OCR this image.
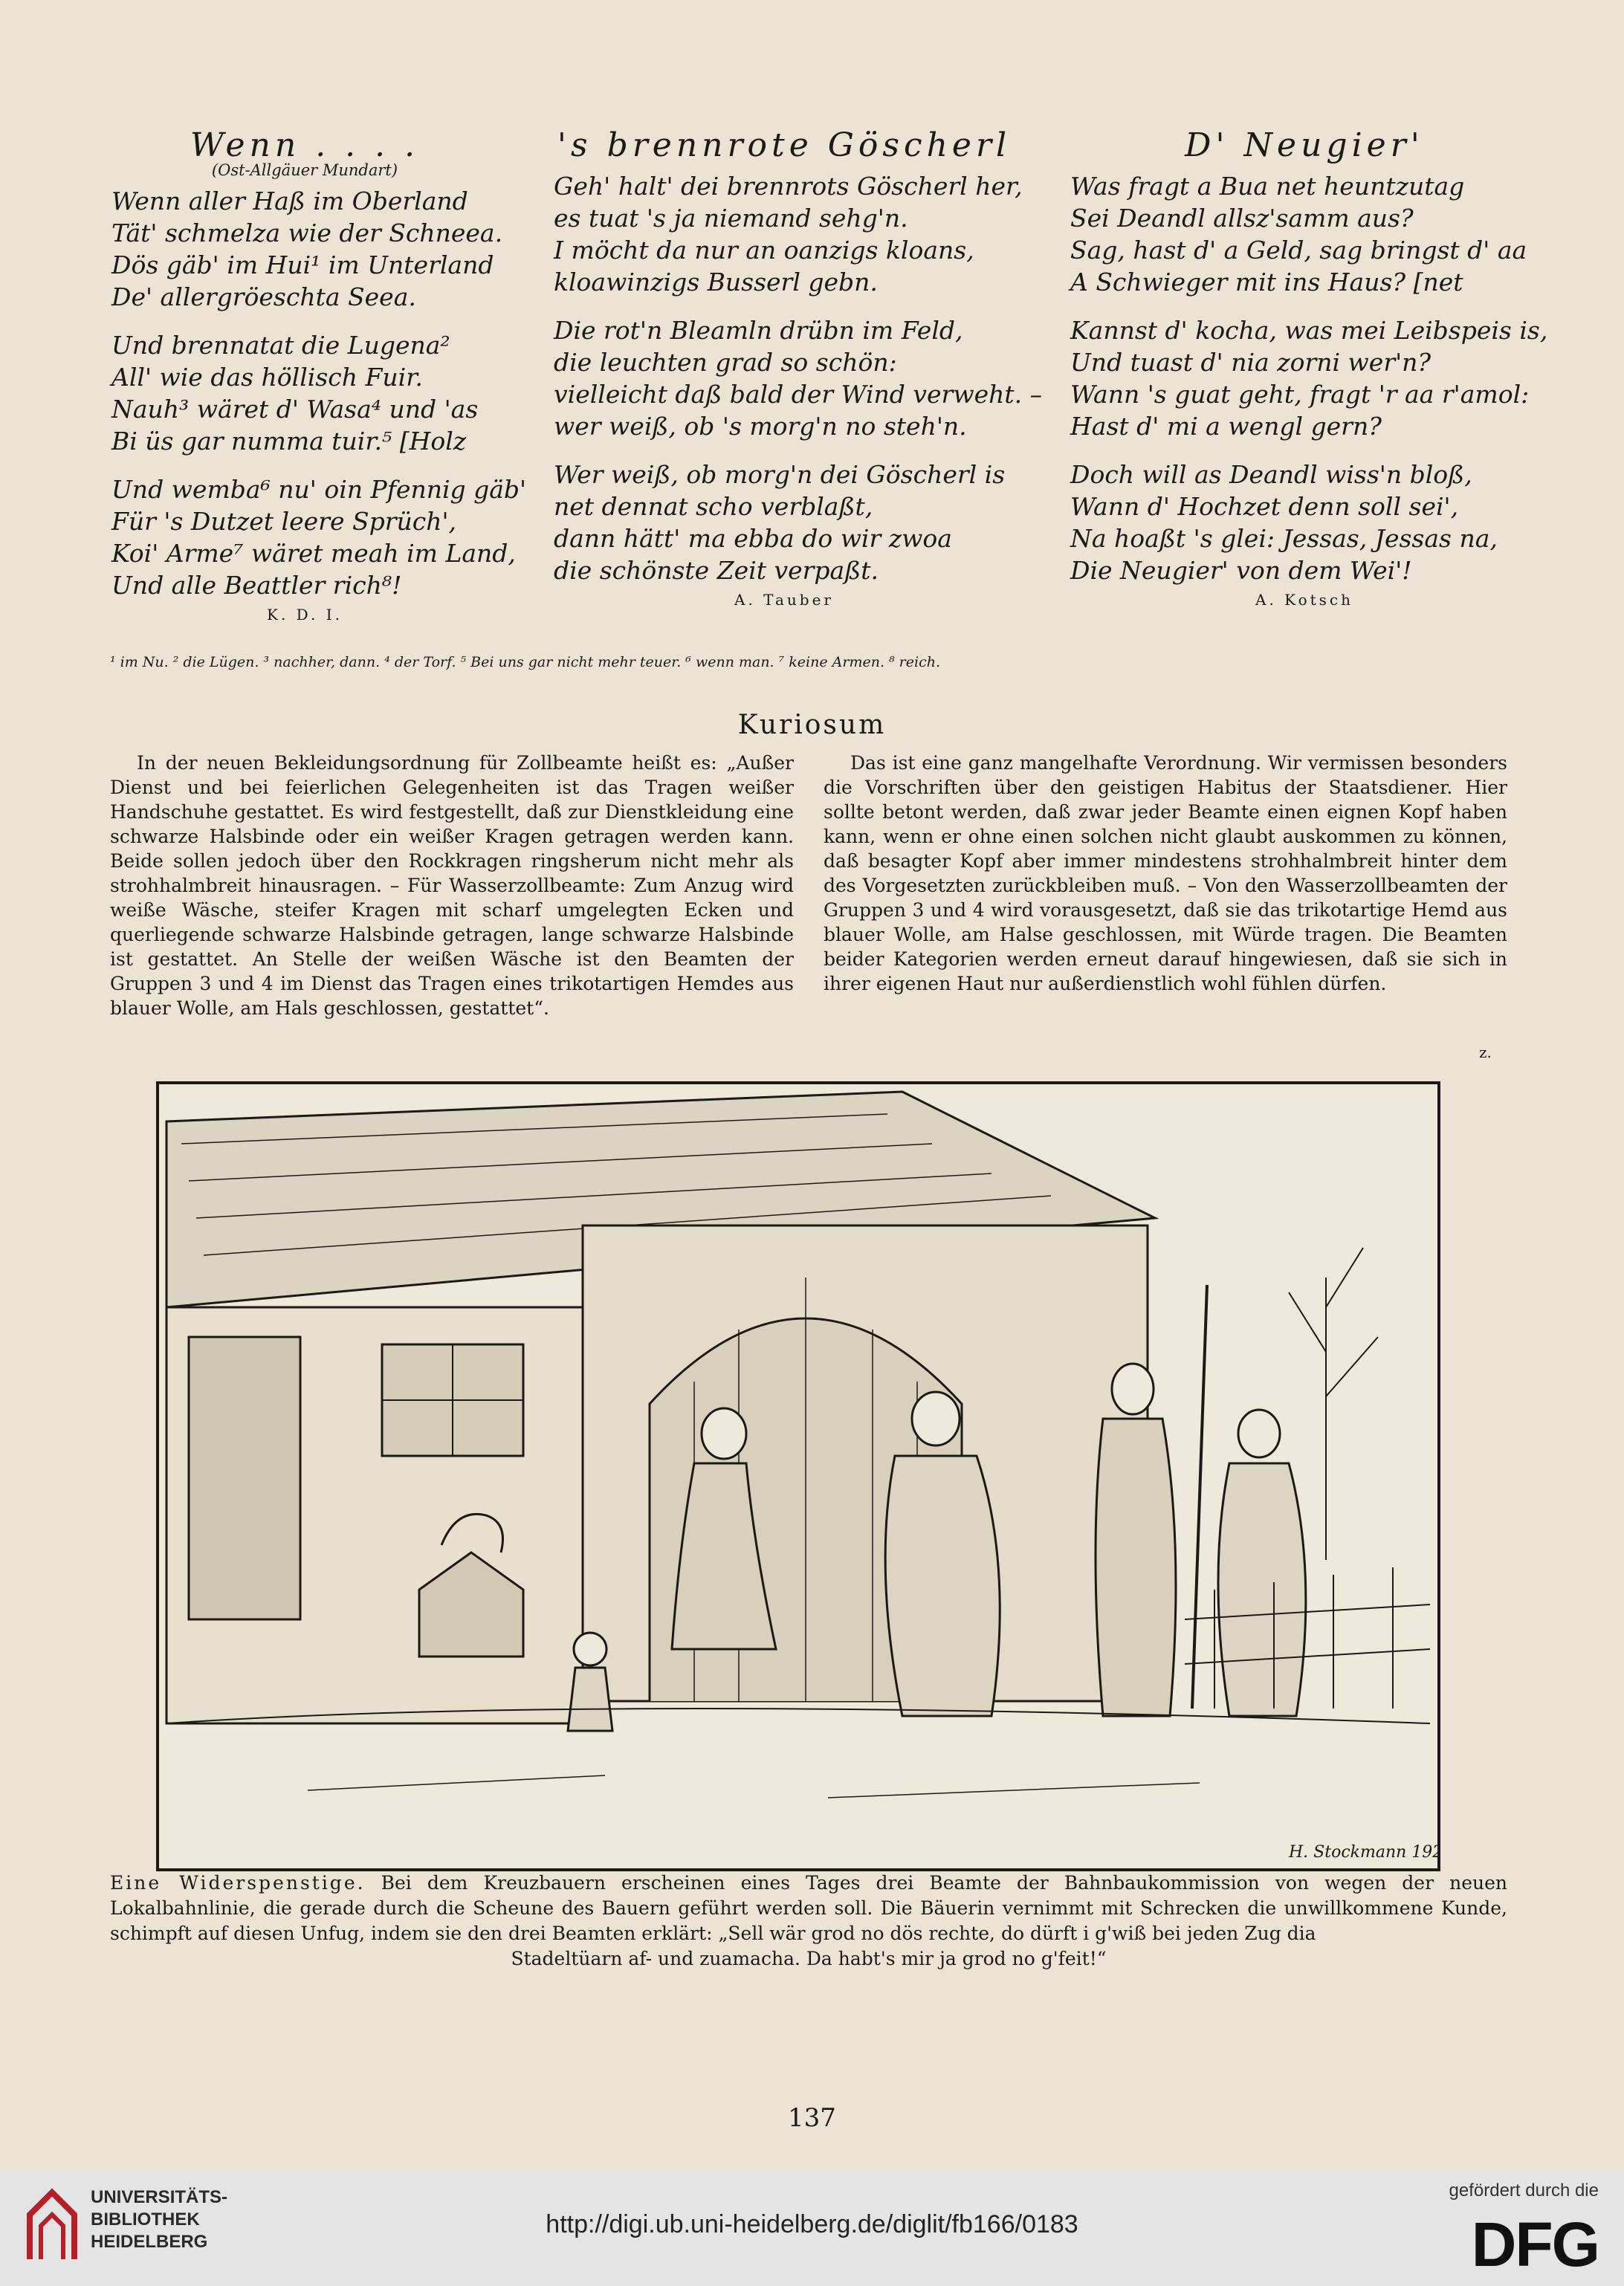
Wenn . . . .
(Ost-Allgäuer Mundart)
Wenn aller Haß im Oberland
Tät' schmelza wie der Schneea.
Dös gäb' im Hui¹ im Unterland
De' allergröeschta Seea.
Und brennatat die Lugena²
All' wie das höllisch Fuir.
Nauh³ wäret d' Wasa⁴ und 'as
Bi üs gar numma tuir.⁵ [Holz
Und wemba⁶ nu' oin Pfennig gäb'
Für 's Dutzet leere Sprüch',
Koi' Arme⁷ wäret meah im Land,
Und alle Beattler rich⁸!
K. D. I.
's brennrote Göscherl
Geh' halt' dei brennrots Göscherl her,
es tuat 's ja niemand sehg'n.
I möcht da nur an oanzigs kloans,
kloawinzigs Busserl gebn.
Die rot'n Bleamln drübn im Feld,
die leuchten grad so schön:
vielleicht daß bald der Wind verweht. –
wer weiß, ob 's morg'n no steh'n.
Wer weiß, ob morg'n dei Göscherl is
net dennat scho verblaßt,
dann hätt' ma ebba do wir zwoa
die schönste Zeit verpaßt.
A. Tauber
D' Neugier'
Was fragt a Bua net heuntzutag
Sei Deandl allsz'samm aus?
Sag, hast d' a Geld, sag bringst d' aa
A Schwieger mit ins Haus? [net
Kannst d' kocha, was mei Leibspeis is,
Und tuast d' nia zorni wer'n?
Wann 's guat geht, fragt 'r aa r'amol:
Hast d' mi a wengl gern?
Doch will as Deandl wiss'n bloß,
Wann d' Hochzet denn soll sei',
Na hoaßt 's glei: Jessas, Jessas na,
Die Neugier' von dem Wei'!
A. Kotsch
¹ im Nu. ² die Lügen. ³ nachher, dann. ⁴ der Torf. ⁵ Bei uns gar nicht mehr teuer. ⁶ wenn man. ⁷ keine Armen. ⁸ reich.
Kuriosum

In der neuen Bekleidungsordnung für Zollbeamte heißt es: „Außer Dienst und bei feierlichen Gelegenheiten ist das Tragen weißer Handschuhe gestattet. Es wird festgestellt, daß zur Dienstkleidung eine schwarze Halsbinde oder ein weißer Kragen getragen werden kann. Beide sollen jedoch über den Rockkragen ringsherum nicht mehr als strohhalmbreit hinausragen. – Für Wasserzollbeamte: Zum Anzug wird weiße Wäsche, steifer Kragen mit scharf umgelegten Ecken und querliegende schwarze Halsbinde getragen, lange schwarze Halsbinde ist gestattet. An Stelle der weißen Wäsche ist den Beamten der Gruppen 3 und 4 im Dienst das Tragen eines trikotartigen Hemdes aus blauer Wolle, am Hals geschlossen, gestattet“.

Das ist eine ganz mangelhafte Verordnung. Wir vermissen besonders die Vorschriften über den geistigen Habitus der Staatsdiener. Hier sollte betont werden, daß zwar jeder Beamte einen eignen Kopf haben kann, wenn er ohne einen solchen nicht glaubt auskommen zu können, daß besagter Kopf aber immer mindestens strohhalmbreit hinter dem des Vorgesetzten zurückbleiben muß. – Von den Wasserzollbeamten der Gruppen 3 und 4 wird vorausgesetzt, daß sie das trikotartige Hemd aus blauer Wolle, am Halse geschlossen, mit Würde tragen. Die Beamten beider Kategorien werden erneut darauf hingewiesen, daß sie sich in ihrer eigenen Haut nur außerdienstlich wohl fühlen dürfen.

z.
H. Stockmann 1922
Eine Widerspenstige. Bei dem Kreuzbauern erscheinen eines Tages drei Beamte der Bahnbaukommission von wegen der neuen Lokalbahnlinie, die gerade durch die Scheune des Bauern geführt werden soll. Die Bäuerin vernimmt mit Schrecken die unwillkommene Kunde, schimpft auf diesen Unfug, indem sie den drei Beamten erklärt: „Sell wär grod no dös rechte, do dürft i g'wiß bei jeden Zug dia
Stadeltüarn af- und zuamacha. Da habt's mir ja grod no g'feit!“
137
UNIVERSITÄTS-
BIBLIOTHEK
HEIDELBERG
http://digi.ub.uni-heidelberg.de/diglit/fb166/0183
gefördert durch die
DFG
